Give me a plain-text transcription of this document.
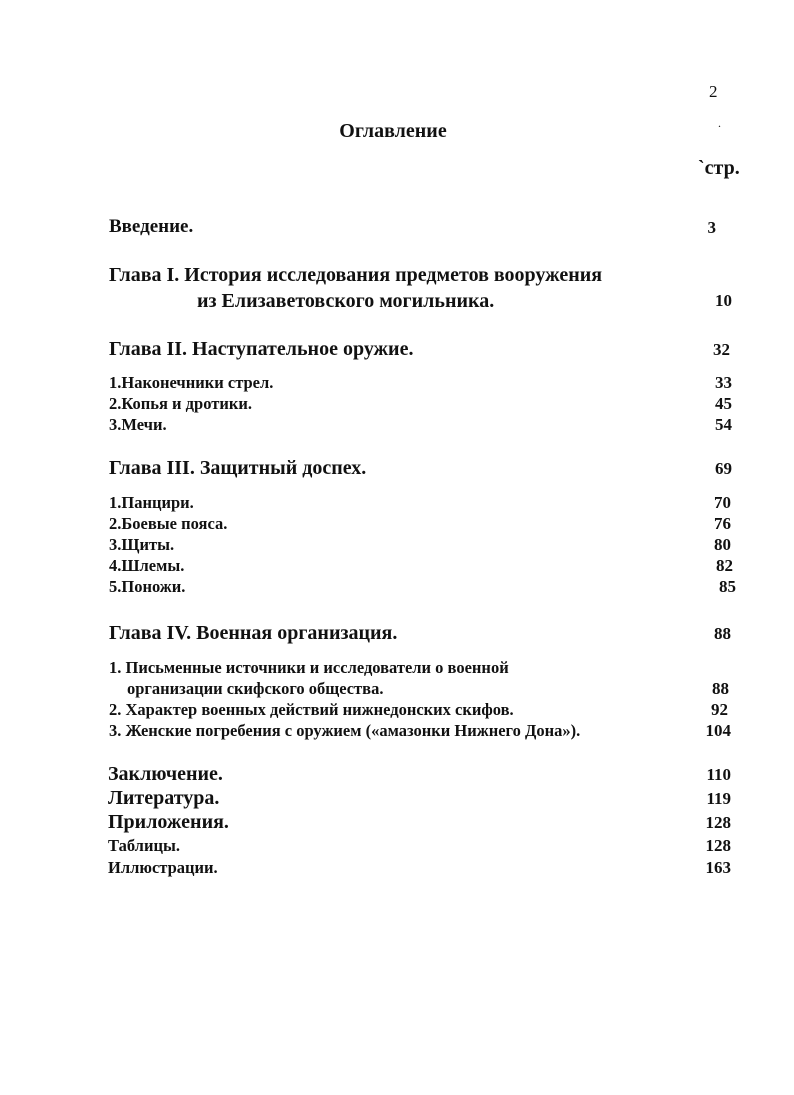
2
Оглавление	.
`стр.
Введение.	3
Глава I. История исследования предметов вооружения
из Елизаветовского могильника.	10
Глава II. Наступательное оружие.	32
1.Наконечники стрел.	33
2.Копья и дротики.	45
3.Мечи.	54
Глава III. Защитный доспех.	69
1.Панцири.	70
2.Боевые пояса.	76
3.Щиты.	80
4.Шлемы.	82
5.Поножи.	85
Глава IV. Военная организация.	88
1. Письменные источники и исследователи о военной
организации скифского общества.	88
2. Характер военных действий нижнедонских скифов.	92
3. Женские погребения с оружием («амазонки Нижнего Дона»).	104
Заключение.	110
Литература.	119
Приложения.	128
Таблицы.	128
Иллюстрации.	163
